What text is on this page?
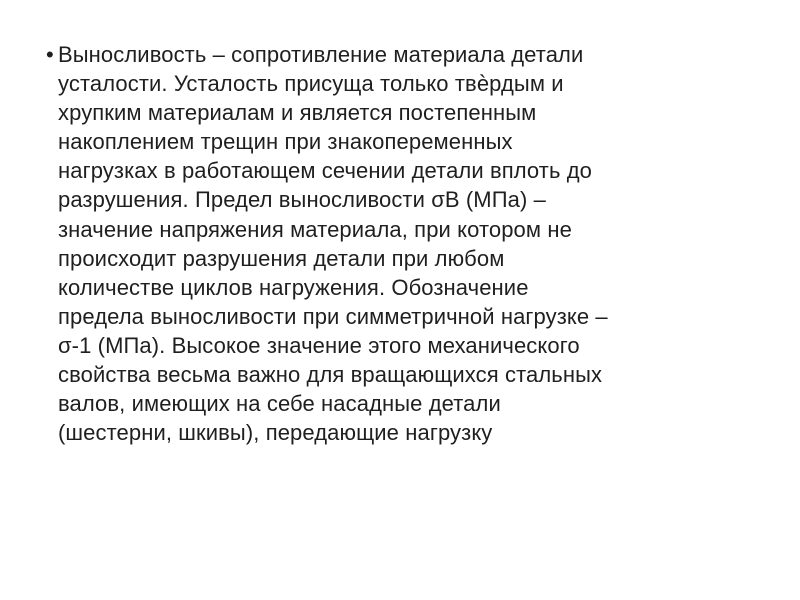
• Выносливость – сопротивление материала детали
усталости. Усталость присуща только твѐрдым и
хрупким материалам и является постепенным
накоплением трещин при знакопеременных
нагрузках в работающем сечении детали вплоть до
разрушения. Предел выносливости σВ (МПа) –
значение напряжения материала, при котором не
происходит разрушения детали при любом
количестве циклов нагружения. Обозначение
предела выносливости при симметричной нагрузке –
σ-1 (МПа). Высокое значение этого механического
свойства весьма важно для вращающихся стальных
валов, имеющих на себе насадные детали
(шестерни, шкивы), передающие нагрузку
